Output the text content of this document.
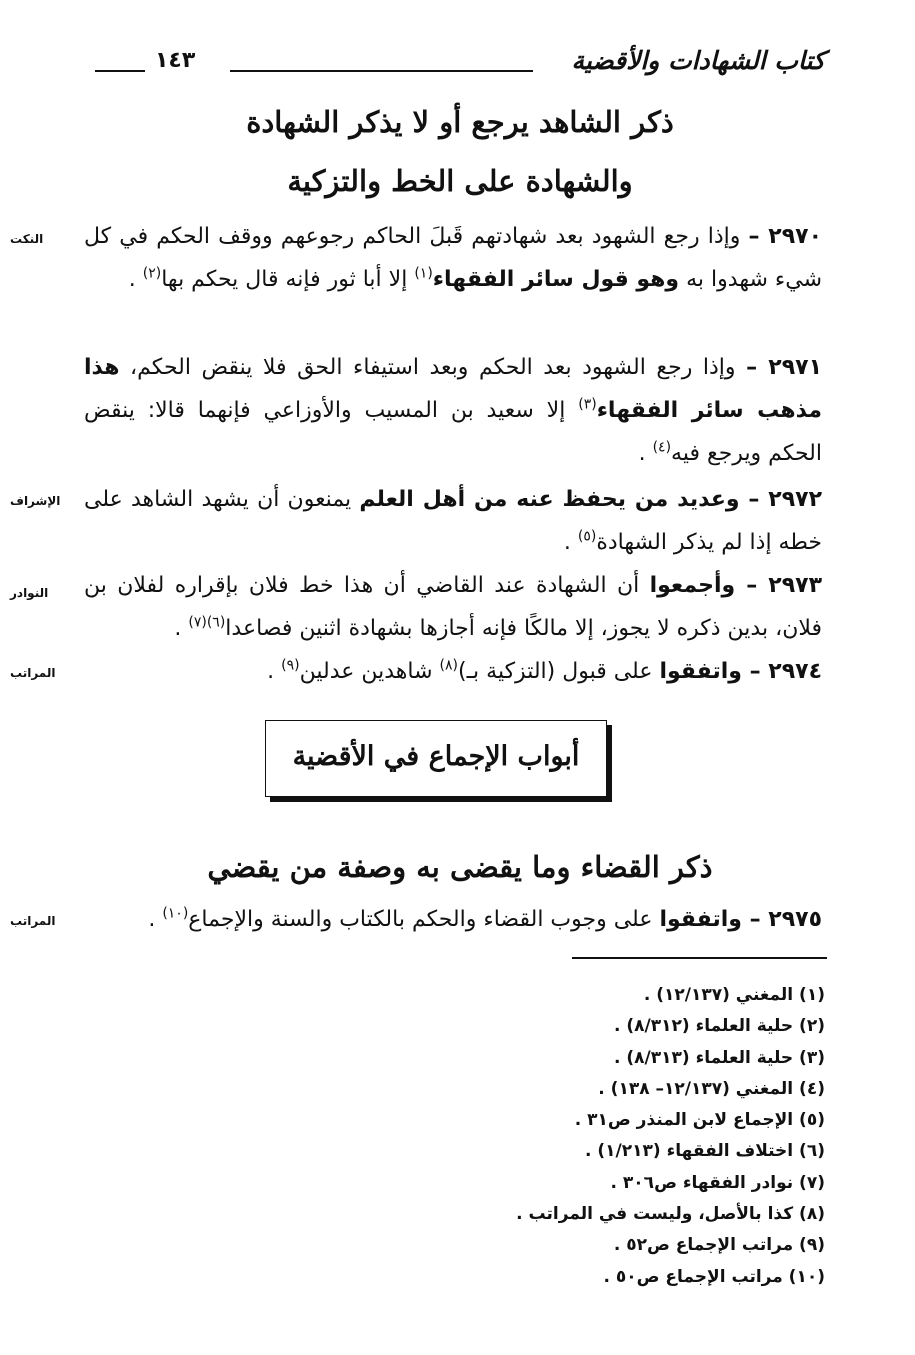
كتاب الشهادات والأقضية
١٤٣
ذكر الشاهد يرجع أو لا يذكر الشهادة
والشهادة على الخط والتزكية
٢٩٧٠ – وإذا رجع الشهود بعد شهادتهم قَبلَ الحاكم رجوعهم ووقف الحكم في كل شيء شهدوا به وهو قول سائر الفقهاء$^{(١)}$ إلا أبا ثور فإنه قال يحكم بها$^{(٢)}$ .
٢٩٧١ – وإذا رجع الشهود بعد الحكم وبعد استيفاء الحق فلا ينقض الحكم، هذا مذهب سائر الفقهاء$^{(٣)}$ إلا سعيد بن المسيب والأوزاعي فإنهما قالا: ينقض الحكم ويرجع فيه$^{(٤)}$ .
٢٩٧٢ – وعديد من يحفظ عنه من أهل العلم يمنعون أن يشهد الشاهد على خطه إذا لم يذكر الشهادة$^{(٥)}$ .
٢٩٧٣ – وأجمعوا أن الشهادة عند القاضي أن هذا خط فلان بإقراره لفلان بن فلان، بدين ذكره لا يجوز، إلا مالكًا فإنه أجازها بشهادة اثنين فصاعدا$^{(٦)(٧)}$ .
٢٩٧٤ – واتفقوا على قبول (التزكية بـ)$^{(٨)}$ شاهدين عدلين$^{(٩)}$ .
النكت
الإشراف
النوادر
المراتب
المراتب
أبواب الإجماع في الأقضية
ذكر القضاء وما يقضى به وصفة من يقضي
٢٩٧٥ – واتفقوا على وجوب القضاء والحكم بالكتاب والسنة والإجماع$^{(١٠)}$ .
(١) المغني (١٢/١٣٧) .
(٢) حلية العلماء (٨/٣١٢) .
(٣) حلية العلماء (٨/٣١٣) .
(٤) المغني (١٢/١٣٧– ١٣٨) .
(٥) الإجماع لابن المنذر ص٣١ .
(٦) اختلاف الفقهاء (١/٢١٣) .
(٧) نوادر الفقهاء ص٣٠٦ .
(٨) كذا بالأصل، وليست في المراتب .
(٩) مراتب الإجماع ص٥٢ .
(١٠) مراتب الإجماع ص٥٠ .
